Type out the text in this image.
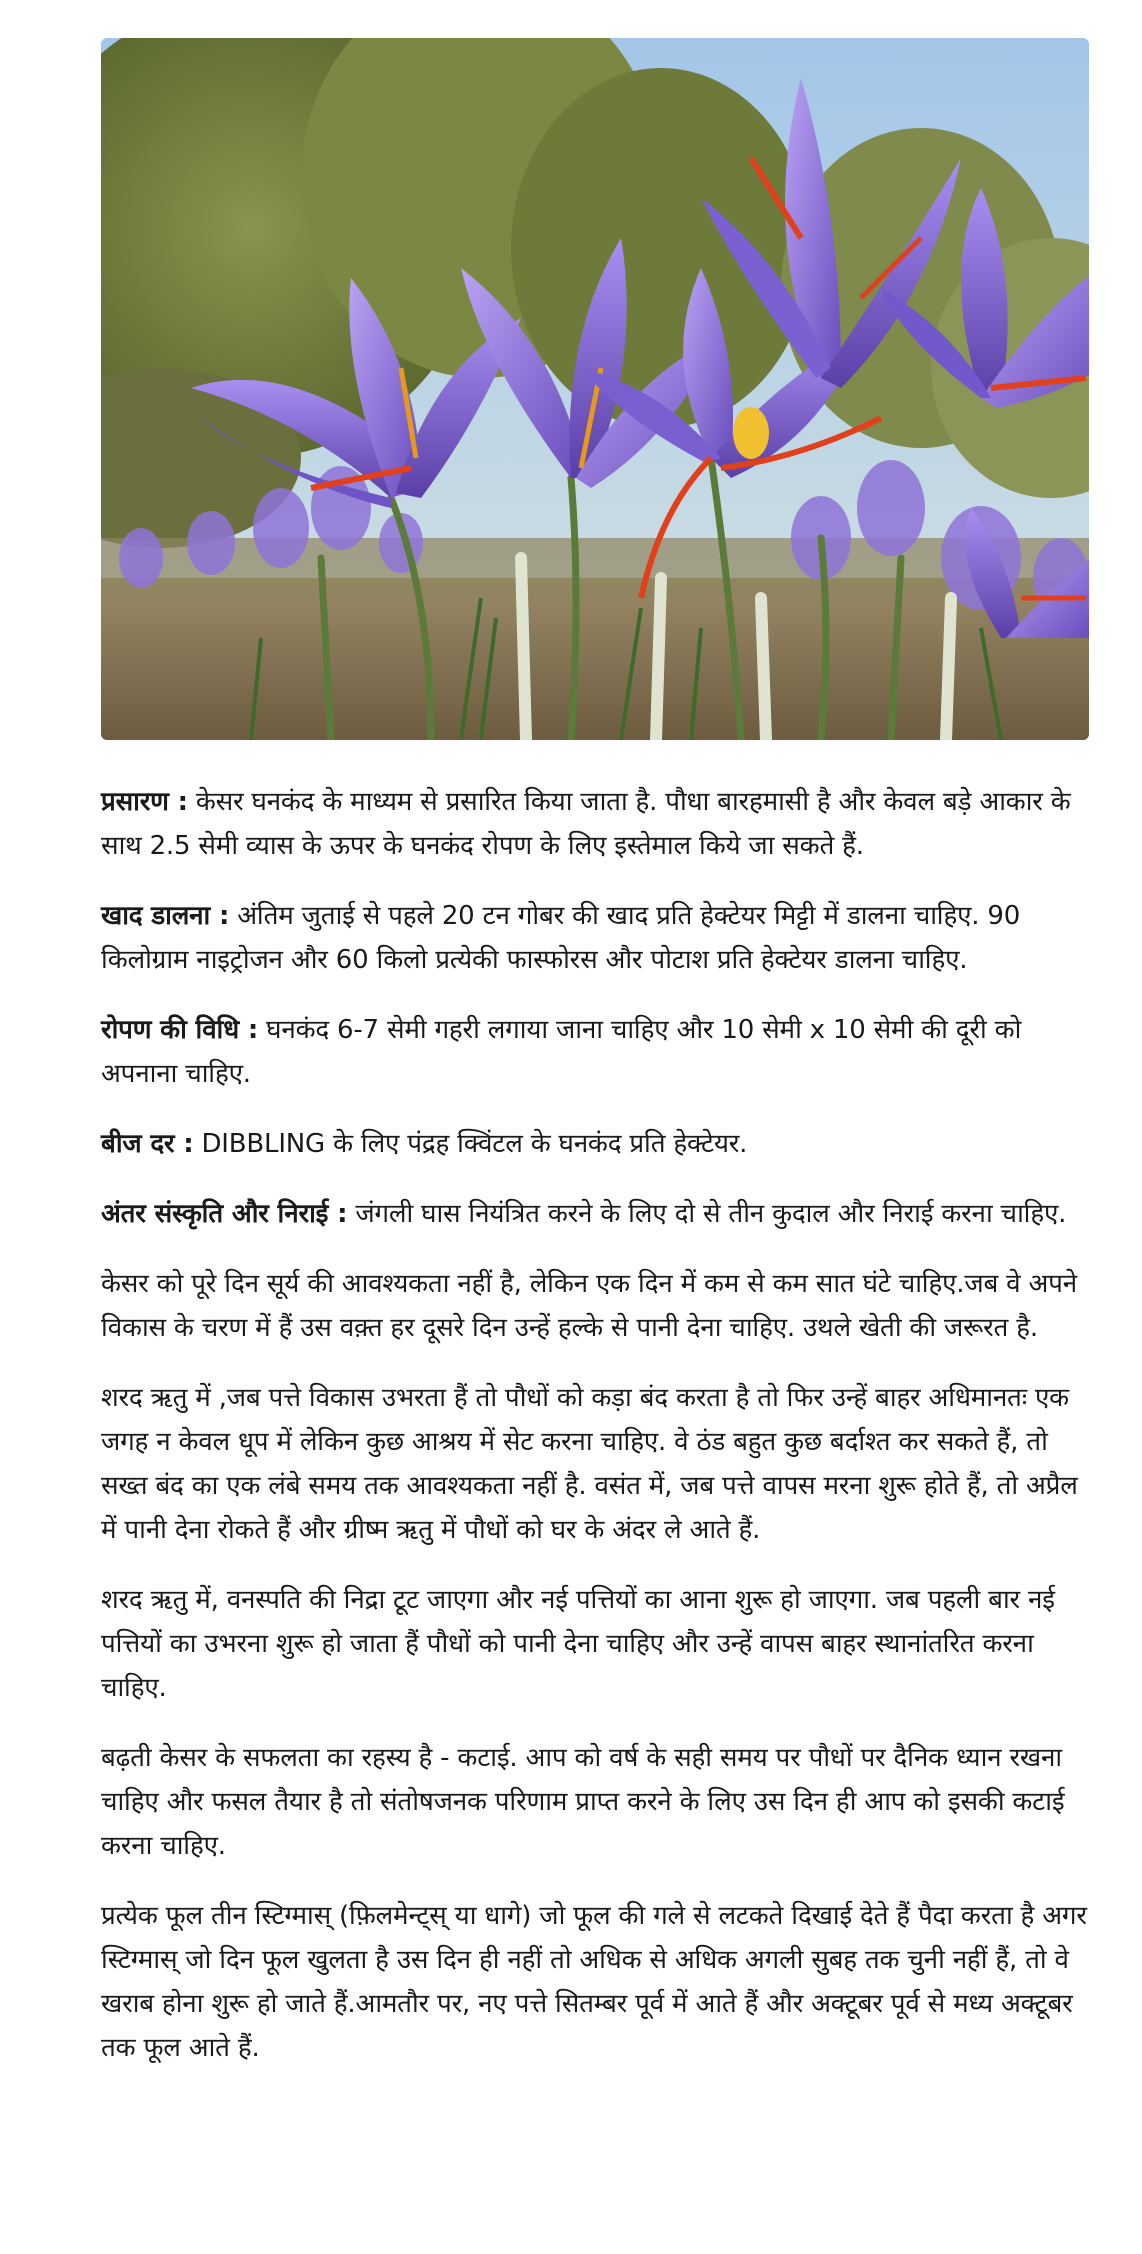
प्रसारण : केसर घनकंद के माध्यम से प्रसारित किया जाता है. पौधा बारहमासी है और केवल बड़े आकार के साथ 2.5 सेमी व्यास के ऊपर के घनकंद रोपण के लिए इस्तेमाल किये जा सकते हैं.

खाद डालना : अंतिम जुताई से पहले 20 टन गोबर की खाद प्रति हेक्टेयर मिट्टी में डालना चाहिए. 90 किलोग्राम नाइट्रोजन और 60 किलो प्रत्येकी फास्फोरस और पोटाश प्रति हेक्टेयर डालना चाहिए.

रोपण की विधि : घनकंद 6-7 सेमी गहरी लगाया जाना चाहिए और 10 सेमी x 10 सेमी की दूरी को अपनाना चाहिए.

बीज दर : DIBBLING के लिए पंद्रह क्विंटल के घनकंद प्रति हेक्टेयर.

अंतर संस्कृति और निराई : जंगली घास नियंत्रित करने के लिए दो से तीन कुदाल और निराई करना चाहिए.

केसर को पूरे दिन सूर्य की आवश्यकता नहीं है, लेकिन एक दिन में कम से कम सात घंटे चाहिए.जब वे अपने विकास के चरण में हैं उस वक़्त हर दूसरे दिन उन्हें हल्के से पानी देना चाहिए. उथले खेती की जरूरत है.

शरद ऋतु में ,जब पत्ते विकास उभरता हैं तो पौधों को कड़ा बंद करता है तो फिर उन्हें बाहर अधिमानतः एक जगह न केवल धूप में लेकिन कुछ आश्रय में सेट करना चाहिए. वे ठंड बहुत कुछ बर्दाश्त कर सकते हैं, तो सख्त बंद का एक लंबे समय तक आवश्यकता नहीं है. वसंत में, जब पत्ते वापस मरना शुरू होते हैं, तो अप्रैल में पानी देना रोकते हैं और ग्रीष्म ऋतु में पौधों को घर के अंदर ले आते हैं.

शरद ऋतु में, वनस्पति की निद्रा टूट जाएगा और नई पत्तियों का आना शुरू हो जाएगा. जब पहली बार नई पत्तियों का उभरना शुरू हो जाता हैं पौधों को पानी देना चाहिए और उन्हें वापस बाहर स्थानांतरित करना चाहिए.

बढ़ती केसर के सफलता का रहस्य है - कटाई. आप को वर्ष के सही समय पर पौधों पर दैनिक ध्यान रखना चाहिए और फसल तैयार है तो संतोषजनक परिणाम प्राप्त करने के लिए उस दिन ही आप को इसकी कटाई करना चाहिए.

प्रत्येक फूल तीन स्टिग्मास् (फ़िलमेन्ट्स् या धागे) जो फूल की गले से लटकते दिखाई देते हैं पैदा करता है अगर स्टिग्मास् जो दिन फूल खुलता है उस दिन ही नहीं तो अधिक से अधिक अगली सुबह तक चुनी नहीं हैं, तो वे खराब होना शुरू हो जाते हैं.आमतौर पर, नए पत्ते सितम्बर पूर्व में आते हैं और अक्टूबर पूर्व से मध्य अक्टूबर तक फूल आते हैं.
